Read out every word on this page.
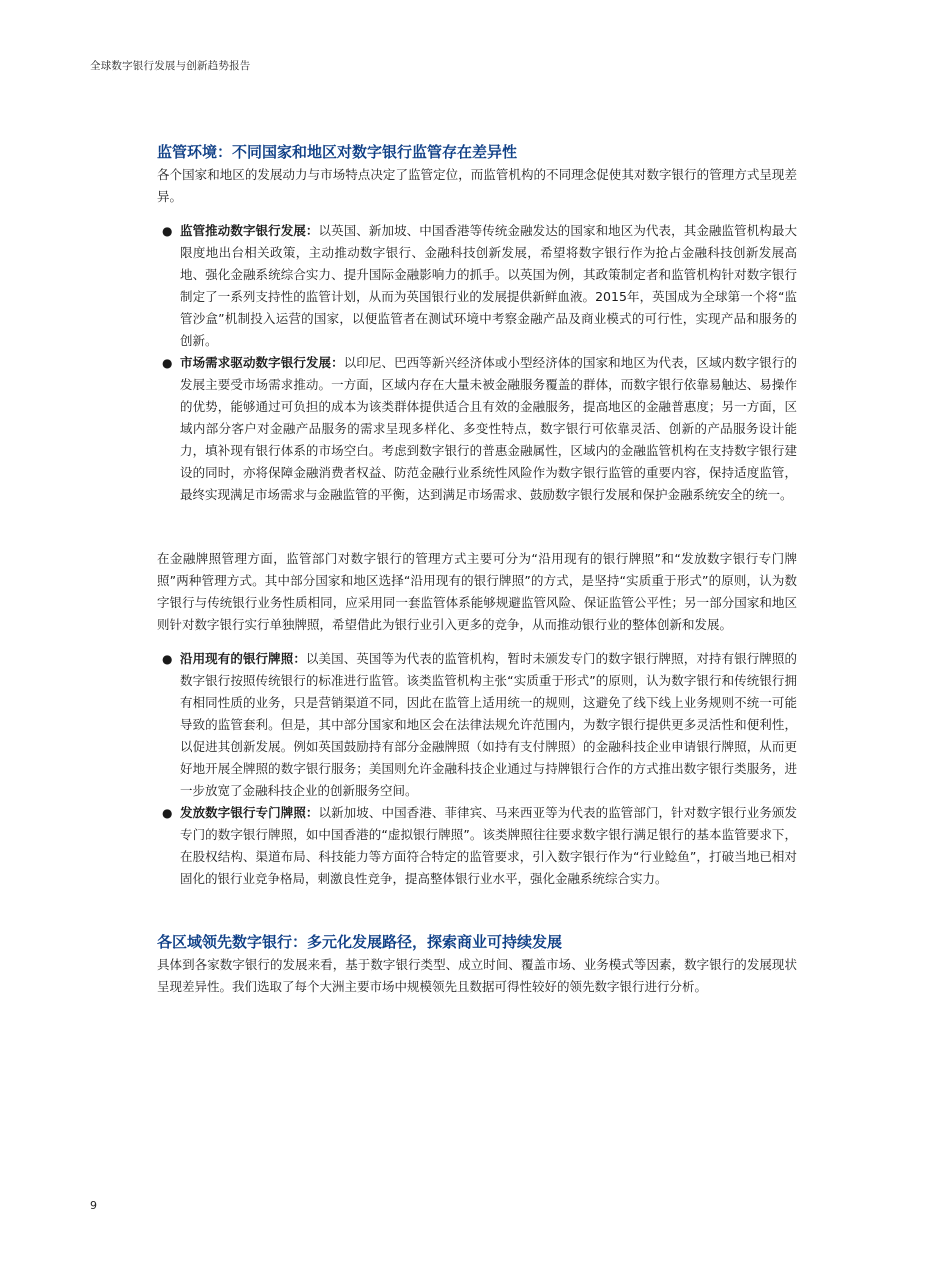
全球数字银行发展与创新趋势报告
监管环境：不同国家和地区对数字银行监管存在差异性

各个国家和地区的发展动力与市场特点决定了监管定位，而监管机构的不同理念促使其对数字银行的管理方式呈现差异。

● 监管推动数字银行发展：以英国、新加坡、中国香港等传统金融发达的国家和地区为代表，其金融监管机构最大限度地出台相关政策，主动推动数字银行、金融科技创新发展，希望将数字银行作为抢占金融科技创新发展高地、强化金融系统综合实力、提升国际金融影响力的抓手。以英国为例，其政策制定者和监管机构针对数字银行制定了一系列支持性的监管计划，从而为英国银行业的发展提供新鲜血液。2015年，英国成为全球第一个将“监管沙盒”机制投入运营的国家，以便监管者在测试环境中考察金融产品及商业模式的可行性，实现产品和服务的创新。
● 市场需求驱动数字银行发展：以印尼、巴西等新兴经济体或小型经济体的国家和地区为代表，区域内数字银行的发展主要受市场需求推动。一方面，区域内存在大量未被金融服务覆盖的群体，而数字银行依靠易触达、易操作的优势，能够通过可负担的成本为该类群体提供适合且有效的金融服务，提高地区的金融普惠度；另一方面，区域内部分客户对金融产品服务的需求呈现多样化、多变性特点，数字银行可依靠灵活、创新的产品服务设计能力，填补现有银行体系的市场空白。考虑到数字银行的普惠金融属性，区域内的金融监管机构在支持数字银行建设的同时，亦将保障金融消费者权益、防范金融行业系统性风险作为数字银行监管的重要内容，保持适度监管，最终实现满足市场需求与金融监管的平衡，达到满足市场需求、鼓励数字银行发展和保护金融系统安全的统一。

在金融牌照管理方面，监管部门对数字银行的管理方式主要可分为“沿用现有的银行牌照”和“发放数字银行专门牌照”两种管理方式。其中部分国家和地区选择“沿用现有的银行牌照”的方式，是坚持“实质重于形式”的原则，认为数字银行与传统银行业务性质相同，应采用同一套监管体系能够规避监管风险、保证监管公平性；另一部分国家和地区则针对数字银行实行单独牌照，希望借此为银行业引入更多的竞争，从而推动银行业的整体创新和发展。

● 沿用现有的银行牌照：以美国、英国等为代表的监管机构，暂时未颁发专门的数字银行牌照，对持有银行牌照的数字银行按照传统银行的标准进行监管。该类监管机构主张“实质重于形式”的原则，认为数字银行和传统银行拥有相同性质的业务，只是营销渠道不同，因此在监管上适用统一的规则，这避免了线下线上业务规则不统一可能导致的监管套利。但是，其中部分国家和地区会在法律法规允许范围内，为数字银行提供更多灵活性和便利性，以促进其创新发展。例如英国鼓励持有部分金融牌照（如持有支付牌照）的金融科技企业申请银行牌照，从而更好地开展全牌照的数字银行服务；美国则允许金融科技企业通过与持牌银行合作的方式推出数字银行类服务，进一步放宽了金融科技企业的创新服务空间。
● 发放数字银行专门牌照：以新加坡、中国香港、菲律宾、马来西亚等为代表的监管部门，针对数字银行业务颁发专门的数字银行牌照，如中国香港的“虚拟银行牌照”。该类牌照往往要求数字银行满足银行的基本监管要求下，在股权结构、渠道布局、科技能力等方面符合特定的监管要求，引入数字银行作为“行业鲶鱼”，打破当地已相对固化的银行业竞争格局，刺激良性竞争，提高整体银行业水平，强化金融系统综合实力。
各区域领先数字银行：多元化发展路径，探索商业可持续发展

具体到各家数字银行的发展来看，基于数字银行类型、成立时间、覆盖市场、业务模式等因素，数字银行的发展现状呈现差异性。我们选取了每个大洲主要市场中规模领先且数据可得性较好的领先数字银行进行分析。

9
